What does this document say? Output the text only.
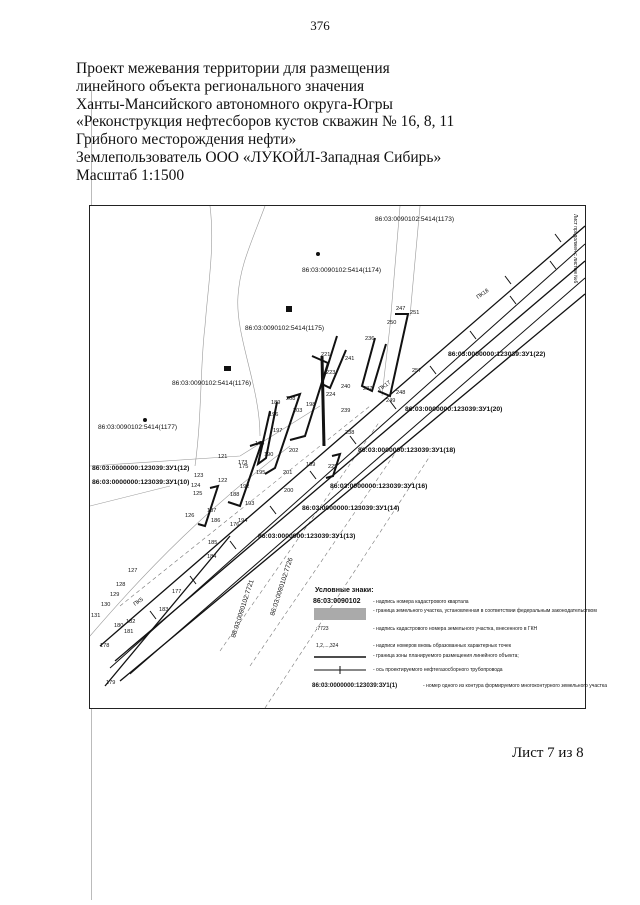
376
Проект межевания территории для размещения
линейного объекта регионального значения
Ханты-Мансийского автономного округа-Югры
«Реконструкция нефтесборов кустов скважин № 16, 8, 11
Грибного месторождения нефти»
Землепользователь ООО «ЛУКОЙЛ-Западная Сибирь»
Масштаб 1:1500
86:03:0090102:5414(1173)
86:03:0090102:5414(1174)
86:03:0090102:5414(1175)
86:03:0090102:5414(1176)
86:03:0090102:5414(1177)
86:03:0000000:123039:ЗУ1(22)
86:03:0000000:123039:ЗУ1(20)
86:03:0000000:123039:ЗУ1(18)
86:03:0000000:123039:ЗУ1(16)
86:03:0000000:123039:ЗУ1(14)
86:03:0000000:123039:ЗУ1(13)
86:03:0000000:123039:ЗУ1(12)
86:03:0000000:123039:ЗУ1(10)
86:03:0090102:7721 86:03:0090102:7726
Лист продолжен с листом №6
ПК18
ПК17
ПК5
247
251
250
236
257
248
249
237
238
241
240
239
221
223
224
225
199
189
208
203
198
196
197
190
202
201
200
192
193
194
195
173
174
175
176
184
185
186
187
188
121
122
123
124
125
126
127
128
129
130
131
177
178
179
180
181
182
183
Условные знаки:
86:03:0090102	- надпись номера кадастрового квартала
- граница земельного участка, установленная в соответствии федеральным законодательством
:7723	- надпись кадастрового номера земельного участка, внесенного в ГКН
1,2,...,324	- надписи номеров вновь образованных характерных точек
- граница зоны планируемого размещения линейного объекта;
- ось проектируемого нефтегазосборного трубопровода
86:03:0000000:123039:ЗУ1(1)	- номер одного из контура формируемого многоконтурного земельного участка
Лист 7 из 8
